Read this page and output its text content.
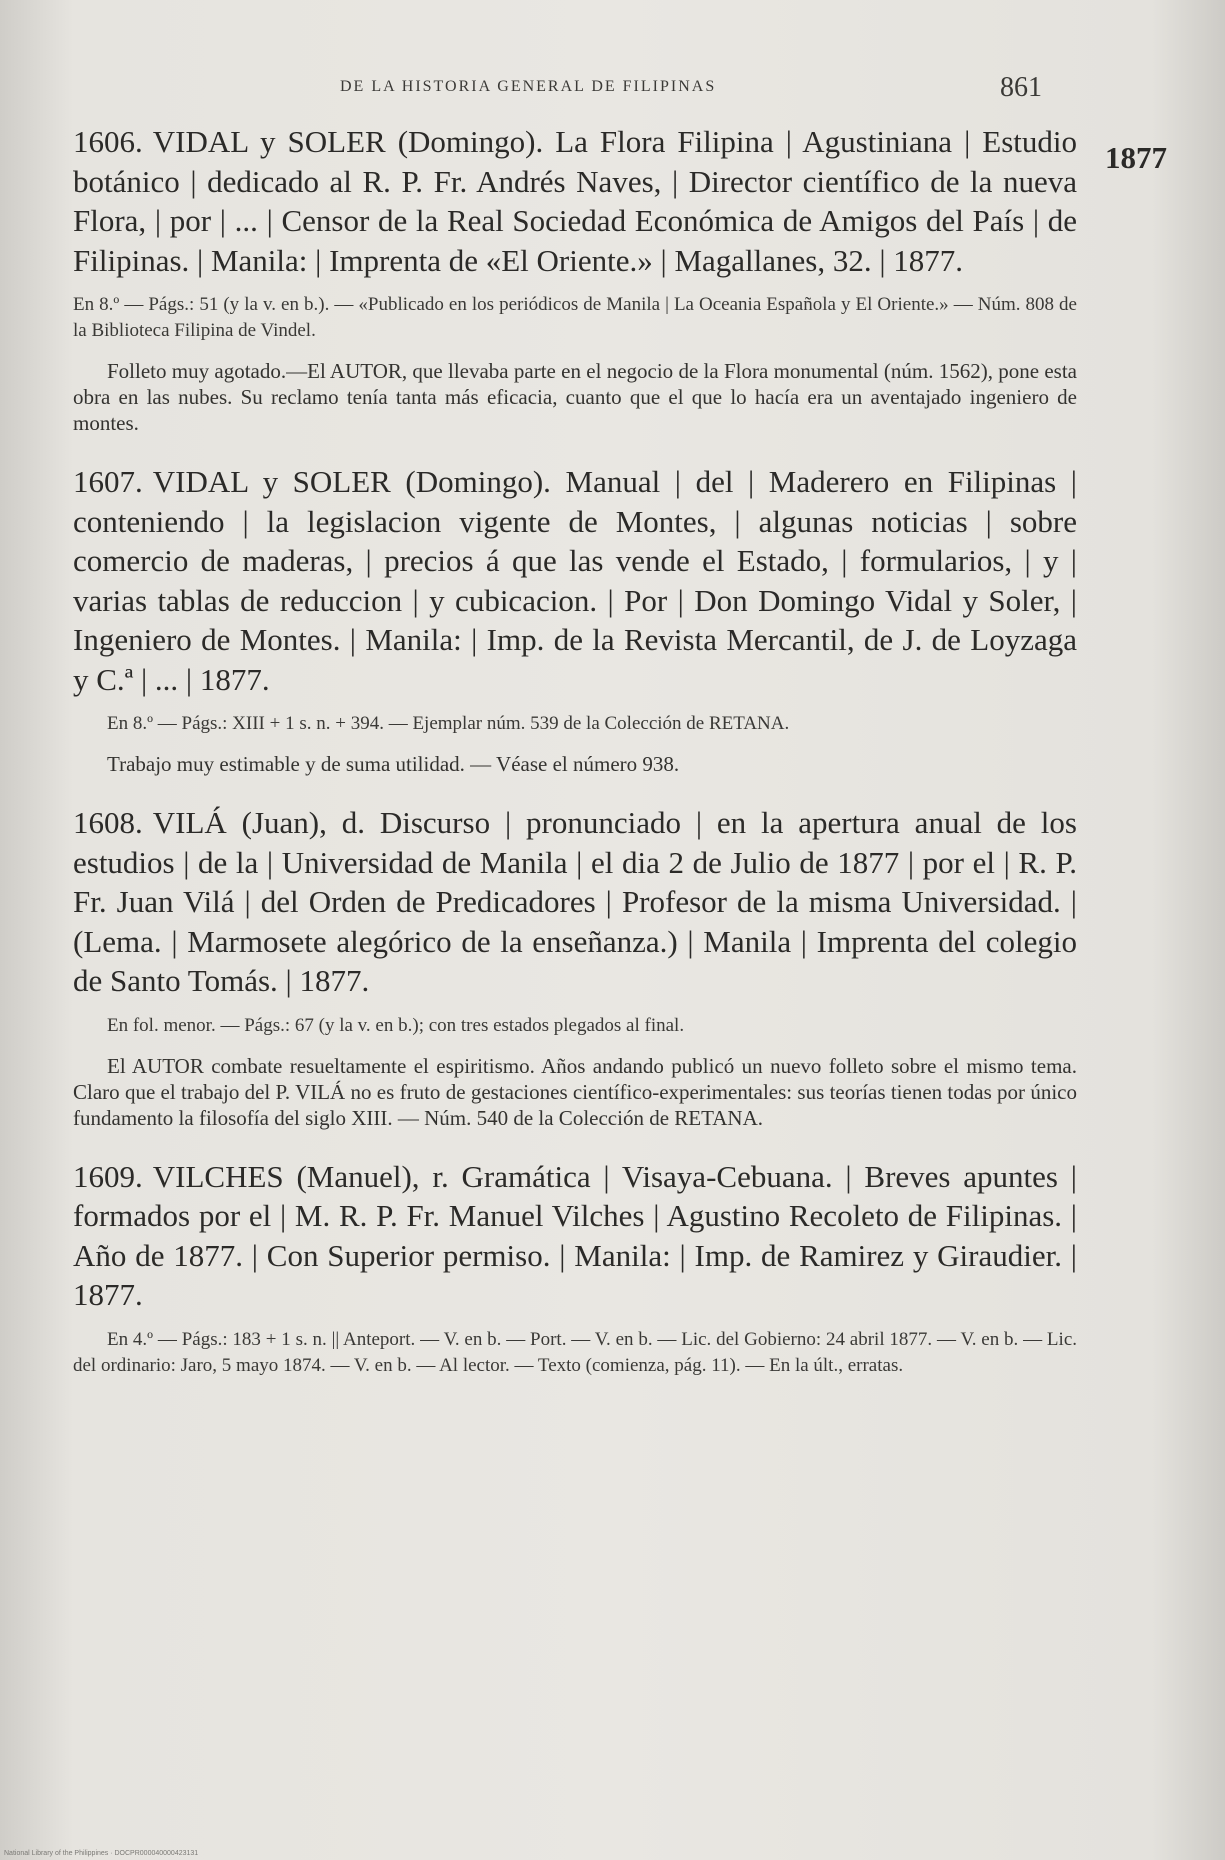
DE LA HISTORIA GENERAL DE FILIPINAS	861
1877

1606. VIDAL y SOLER (Domingo). La Flora Filipina | Agustiniana | Estudio botánico | dedicado al R. P. Fr. Andrés Naves, | Director científico de la nueva Flora, | por | ... | Censor de la Real Sociedad Económica de Amigos del País | de Filipinas. | Manila: | Imprenta de «El Oriente.» | Magallanes, 32. | 1877.

En 8.º — Págs.: 51 (y la v. en b.). — «Publicado en los periódicos de Manila | La Oceania Española y El Oriente.» — Núm. 808 de la Biblioteca Filipina de Vindel.

Folleto muy agotado.—El AUTOR, que llevaba parte en el negocio de la Flora monumental (núm. 1562), pone esta obra en las nubes. Su reclamo tenía tanta más eficacia, cuanto que el que lo hacía era un aventajado ingeniero de montes.

1607. VIDAL y SOLER (Domingo). Manual | del | Maderero en Filipinas | conteniendo | la legislacion vigente de Montes, | algunas noticias | sobre comercio de maderas, | precios á que las vende el Estado, | formularios, | y | varias tablas de reduccion | y cubicacion. | Por | Don Domingo Vidal y Soler, | Ingeniero de Montes. | Manila: | Imp. de la Revista Mercantil, de J. de Loyzaga y C.ª | ... | 1877.

En 8.º — Págs.: XIII + 1 s. n. + 394. — Ejemplar núm. 539 de la Colección de RETANA.

Trabajo muy estimable y de suma utilidad. — Véase el número 938.

1608. VILÁ (Juan), d. Discurso | pronunciado | en la apertura anual de los estudios | de la | Universidad de Manila | el dia 2 de Julio de 1877 | por el | R. P. Fr. Juan Vilá | del Orden de Predicadores | Profesor de la misma Universidad. | (Lema. | Marmosete alegórico de la enseñanza.) | Manila | Imprenta del colegio de Santo Tomás. | 1877.

En fol. menor. — Págs.: 67 (y la v. en b.); con tres estados plegados al final.

El AUTOR combate resueltamente el espiritismo. Años andando publicó un nuevo folleto sobre el mismo tema. Claro que el trabajo del P. VILÁ no es fruto de gestaciones científico-experimentales: sus teorías tienen todas por único fundamento la filosofía del siglo XIII. — Núm. 540 de la Colección de RETANA.

1609. VILCHES (Manuel), r. Gramática | Visaya-Cebuana. | Breves apuntes | formados por el | M. R. P. Fr. Manuel Vilches | Agustino Recoleto de Filipinas. | Año de 1877. | Con Superior permiso. | Manila: | Imp. de Ramirez y Giraudier. | 1877.

En 4.º — Págs.: 183 + 1 s. n. || Anteport. — V. en b. — Port. — V. en b. — Lic. del Gobierno: 24 abril 1877. — V. en b. — Lic. del ordinario: Jaro, 5 mayo 1874. — V. en b. — Al lector. — Texto (comienza, pág. 11). — En la últ., erratas.

National Library of the Philippines · DOCPR000040000423131
